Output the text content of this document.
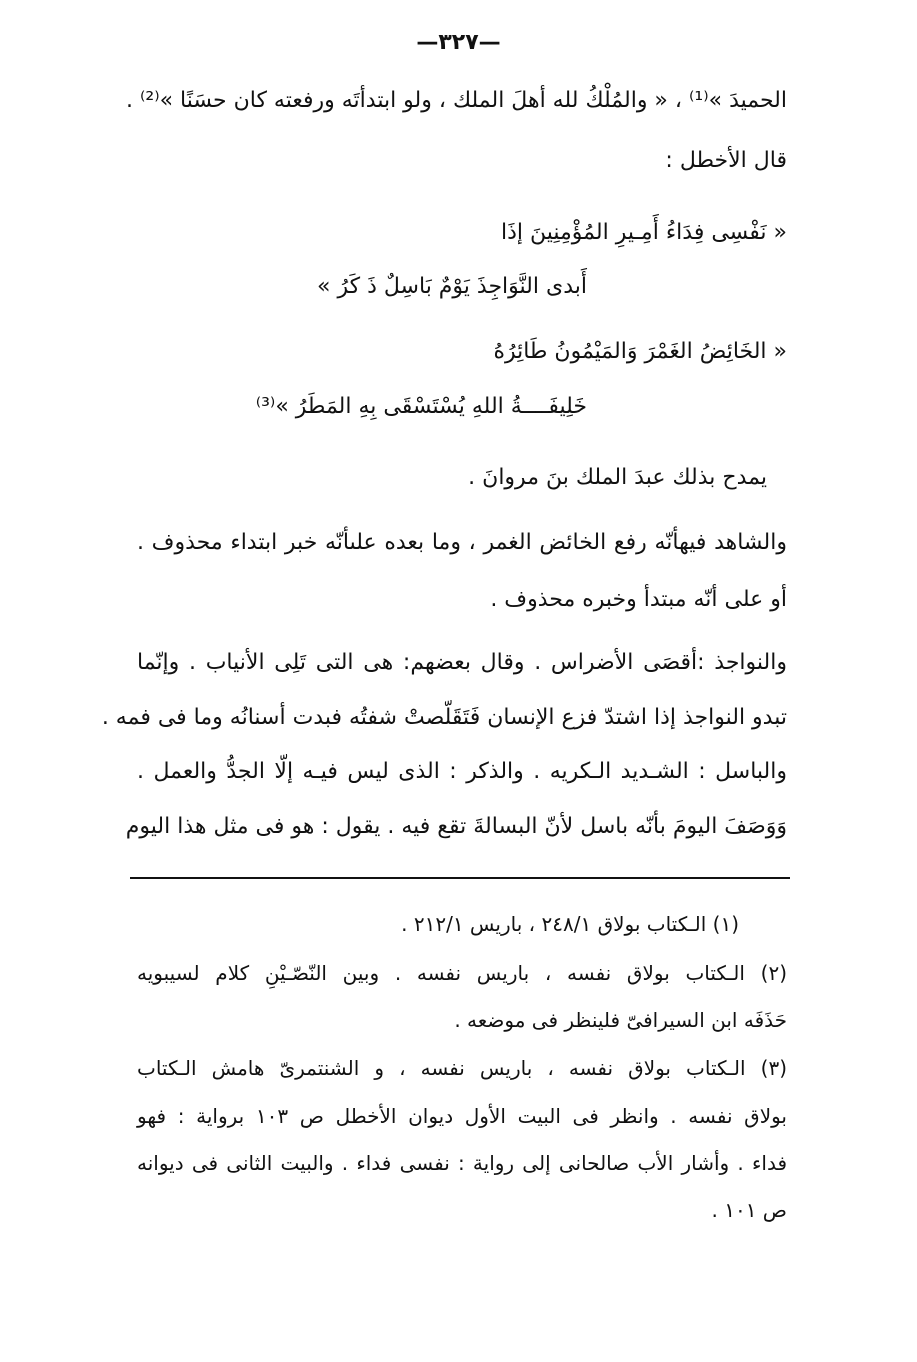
—٣٢٧—
الحميدَ »⁽¹⁾ ، « والمُلْكُ لله أهلَ الملك ، ولو ابتدأتَه ورفعته كان حسَنًا »⁽²⁾ .
قال الأخطل :
« نَفْسِى فِدَاءُ أَمِـيرِ المُؤْمِنِينَ إذَا
أَبدى النَّوَاجِذَ يَوْمٌ بَاسِلٌ ذَ كَرُ »
« الخَائِضُ الغَمْرَ وَالمَيْمُونُ طَائِرُهُ
خَلِيفَــــةُ اللهِ يُسْتَسْقَى بِهِ المَطَرُ »⁽³⁾
يمدح بذلك عبدَ الملك بنَ مروانَ .
والشاهد فيهأنّه رفع الخائض الغمر ، وما بعده علىأنّه خبر ابتداء محذوف .
أو على أنّه مبتدأ وخبره محذوف .
والنواجذ :أقصَى الأضراس . وقال بعضهم: هى التى تَلِى الأنياب . وإنّما
تبدو النواجذ إذا اشتدّ فزع الإنسان فَتَقَلّصتْ شفتُه فبدت أسنانُه وما فى فمه .
والباسل : الشـديد الـكريه . والذكر : الذى ليس فيـه إلّا الجدُّ والعمل .
وَوَصَفَ اليومَ بأنّه باسل لأنّ البسالةَ تقع فيه . يقول : هو فى مثل هذا اليوم
(١) الـكتاب بولاق ٢٤٨/١ ، باريس ٢١٢/١ .
(٢) الـكتاب بولاق نفسه ، باريس نفسه . وبين النّصّـيْنِ كلام لسيبويه
حَذَفَه ابن السيرافىّ فلينظر فى موضعه .
(٣) الـكتاب بولاق نفسه ، باريس نفسه ، و الشنتمرىّ هامش الـكتاب
بولاق نفسه . وانظر فى البيت الأول ديوان الأخطل ص ١٠٣ برواية : فهو
فداء . وأشار الأب صالحانى إلى رواية : نفسى فداء . والبيت الثانى فى ديوانه
ص ١٠١ .
